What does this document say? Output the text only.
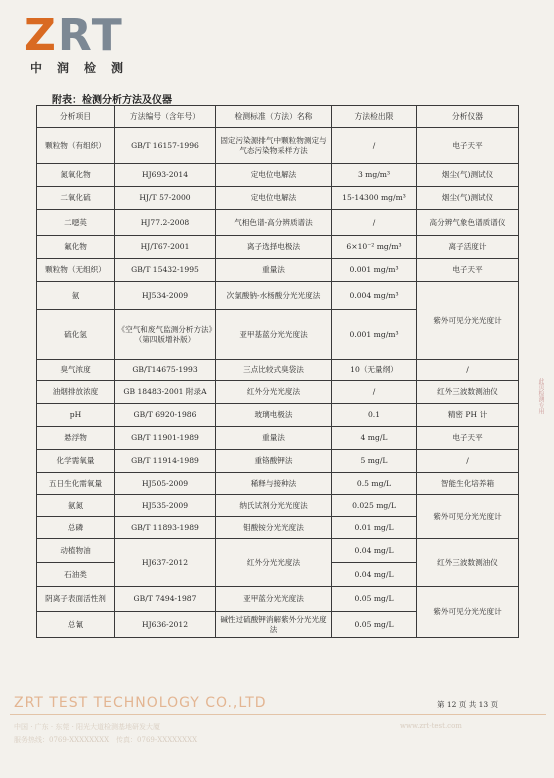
Z RT
中润检测
附表：检测分析方法及仪器
分析项目	方法编号（含年号）	检测标准（方法）名称	方法检出限	分析仪器
颗粒物（有组织）	GB/T 16157-1996	固定污染源排气中颗粒物测定与气态污染物采样方法	/	电子天平
氮氧化物	HJ693-2014	定电位电解法	3 mg/m³	烟尘(气)测试仪
二氧化硫	HJ/T 57-2000	定电位电解法	15-14300 mg/m³	烟尘(气)测试仪
二噁英	HJ77.2-2008	气相色谱-高分辨质谱法	/	高分辨气象色谱质谱仪
氟化物	HJ/T67-2001	离子选择电极法	6×10⁻² mg/m³	离子活度计
颗粒物（无组织）	GB/T 15432-1995	重量法	0.001 mg/m³	电子天平
氨	HJ534-2009	次氯酸钠-水杨酸分光光度法	0.004 mg/m³	紫外可见分光光度计
硫化氢	《空气和废气监测分析方法》（第四版增补版）	亚甲基蓝分光光度法	0.001 mg/m³	
臭气浓度	GB/T14675-1993	三点比较式臭袋法	10（无量纲）	/
油烟排放浓度	GB 18483-2001 附录A	红外分光光度法	/	红外三波数测油仪
pH	GB/T 6920-1986	玻璃电极法	0.1	精密 PH 计
悬浮物	GB/T 11901-1989	重量法	4 mg/L	电子天平
化学需氧量	GB/T 11914-1989	重铬酸钾法	5 mg/L	/
五日生化需氧量	HJ505-2009	稀释与接种法	0.5 mg/L	智能生化培养箱
氨氮	HJ535-2009	纳氏试剂分光光度法	0.025 mg/L	紫外可见分光光度计
总磷	GB/T 11893-1989	钼酸铵分光光度法	0.01 mg/L	
动植物油	HJ637-2012	红外分光光度法	0.04 mg/L	红外三波数测油仪
石油类			0.04 mg/L	
阴离子表面活性剂	GB/T 7494-1987	亚甲蓝分光光度法	0.05 mg/L	紫外可见分光光度计
总氰	HJ636-2012	碱性过硫酸钾消解紫外分光光度法	0.05 mg/L	
此页检测专用
ZRT TEST TECHNOLOGY CO.,LTD	第 12 页 共 13 页
中国 · 广东 · 东莞 · 阳光大道检测基地研发大厦
服务热线：0769-XXXXXXXX　传真：0769-XXXXXXXX
www.zrt-test.com
